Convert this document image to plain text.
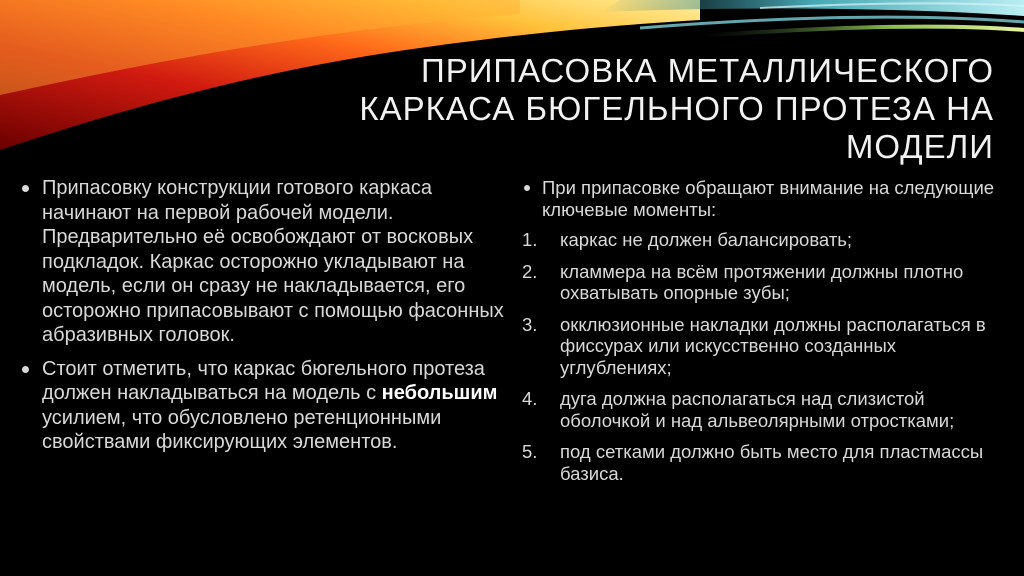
ПРИПАСОВКА МЕТАЛЛИЧЕСКОГО КАРКАСА БЮГЕЛЬНОГО ПРОТЕЗА НА МОДЕЛИ
Припасовку конструкции готового каркаса начинают на первой рабочей модели. Предварительно её освобождают от восковых подкладок. Каркас осторожно укладывают на модель, если он сразу не накладывается, его осторожно припасовывают с помощью фасонных абразивных головок.
Стоит отметить, что каркас бюгельного протеза должен накладываться на модель с небольшим усилием, что обусловлено ретенционными свойствами фиксирующих элементов.
При припасовке обращают внимание на следующие ключевые моменты:
1. каркас не должен балансировать;
2. кламмера на всём протяжении должны плотно охватывать опорные зубы;
3. окклюзионные накладки должны располагаться в фиссурах или искусственно созданных углублениях;
4. дуга должна располагаться над слизистой оболочкой и над альвеолярными отростками;
5. под сетками должно быть место для пластмассы базиса.
